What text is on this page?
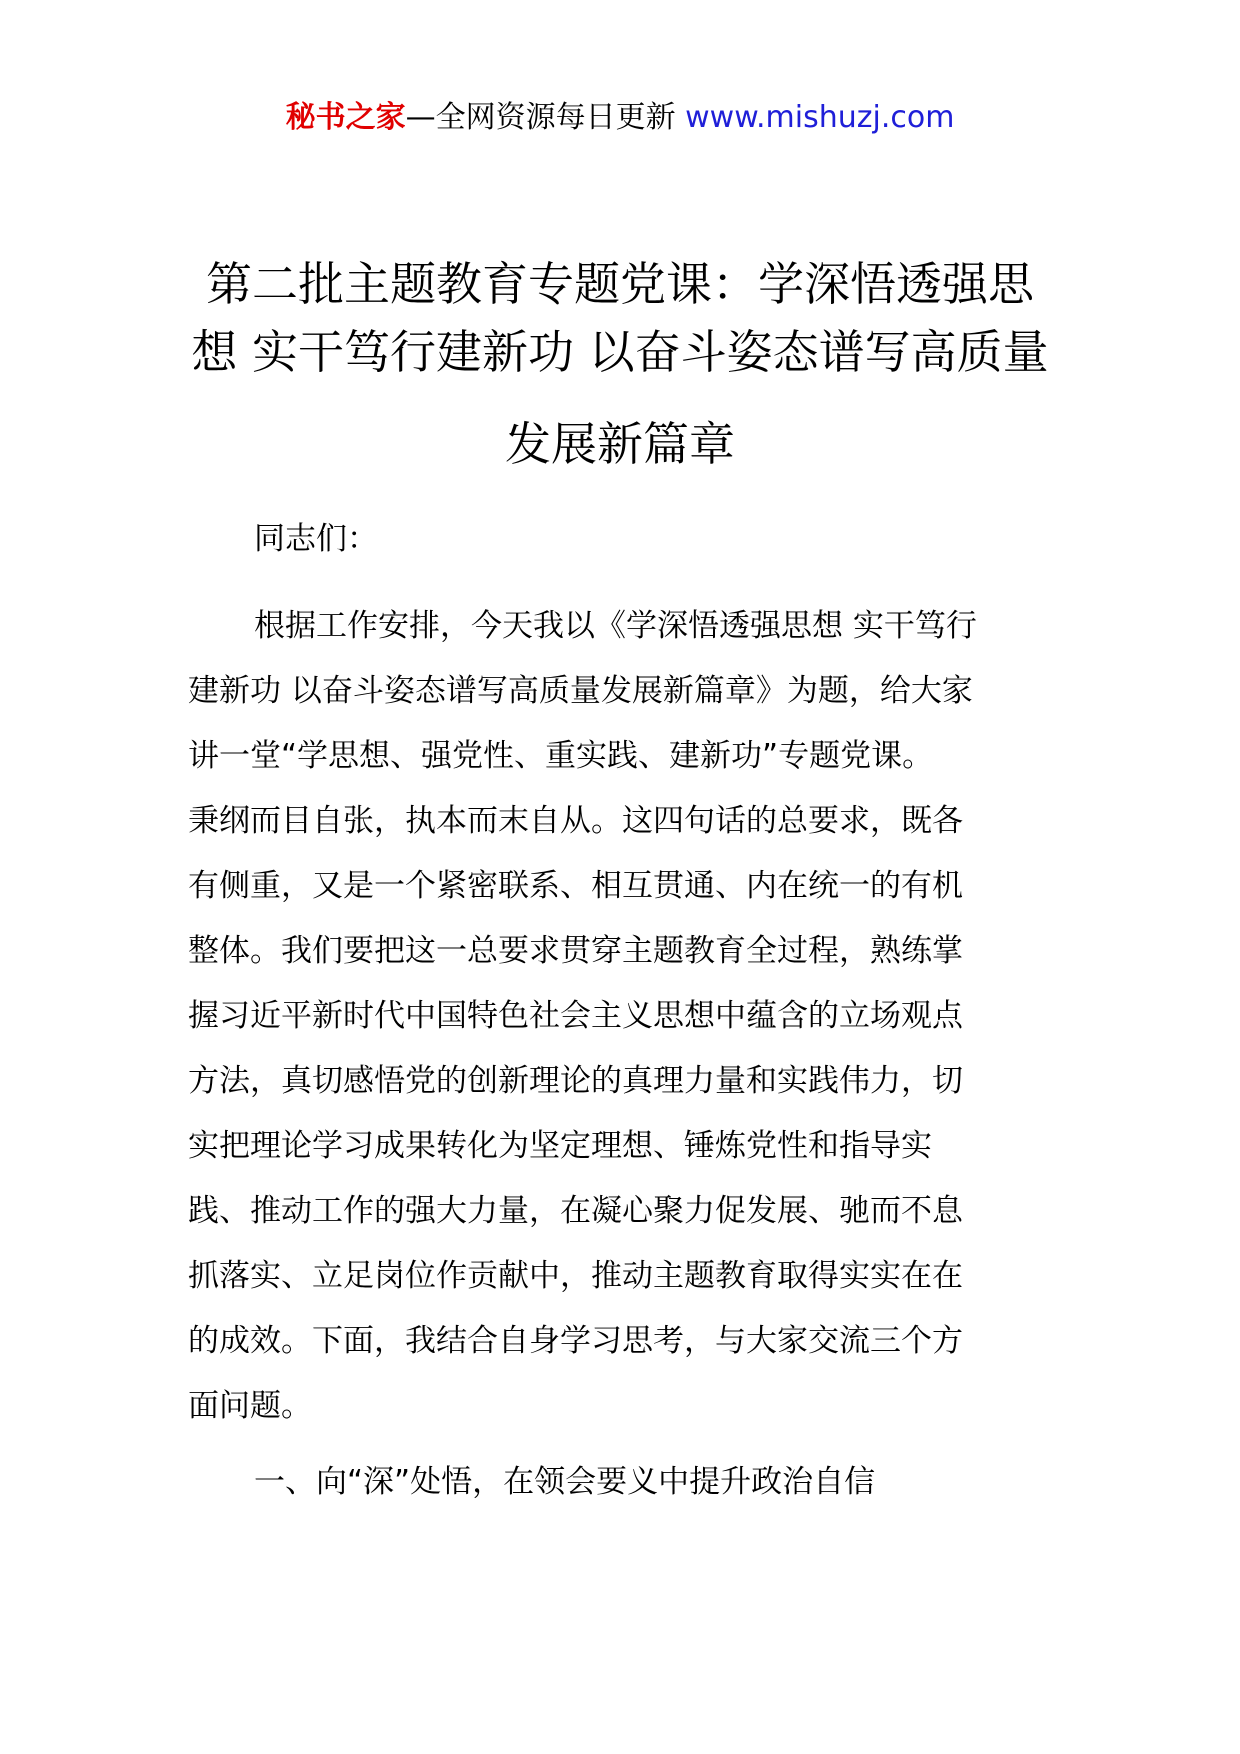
秘书之家—全网资源每日更新 www.mishuzj.com
第二批主题教育专题党课：学深悟透强思
想 实干笃行建新功 以奋斗姿态谱写高质量
发展新篇章
同志们：
根据工作安排，今天我以《学深悟透强思想 实干笃行
建新功 以奋斗姿态谱写高质量发展新篇章》为题，给大家
讲一堂“学思想、强党性、重实践、建新功”专题党课。
秉纲而目自张，执本而末自从。这四句话的总要求，既各
有侧重，又是一个紧密联系、相互贯通、内在统一的有机
整体。我们要把这一总要求贯穿主题教育全过程，熟练掌
握习近平新时代中国特色社会主义思想中蕴含的立场观点
方法，真切感悟党的创新理论的真理力量和实践伟力，切
实把理论学习成果转化为坚定理想、锤炼党性和指导实
践、推动工作的强大力量，在凝心聚力促发展、驰而不息
抓落实、立足岗位作贡献中，推动主题教育取得实实在在
的成效。下面，我结合自身学习思考，与大家交流三个方
面问题。
一、向“深”处悟，在领会要义中提升政治自信
